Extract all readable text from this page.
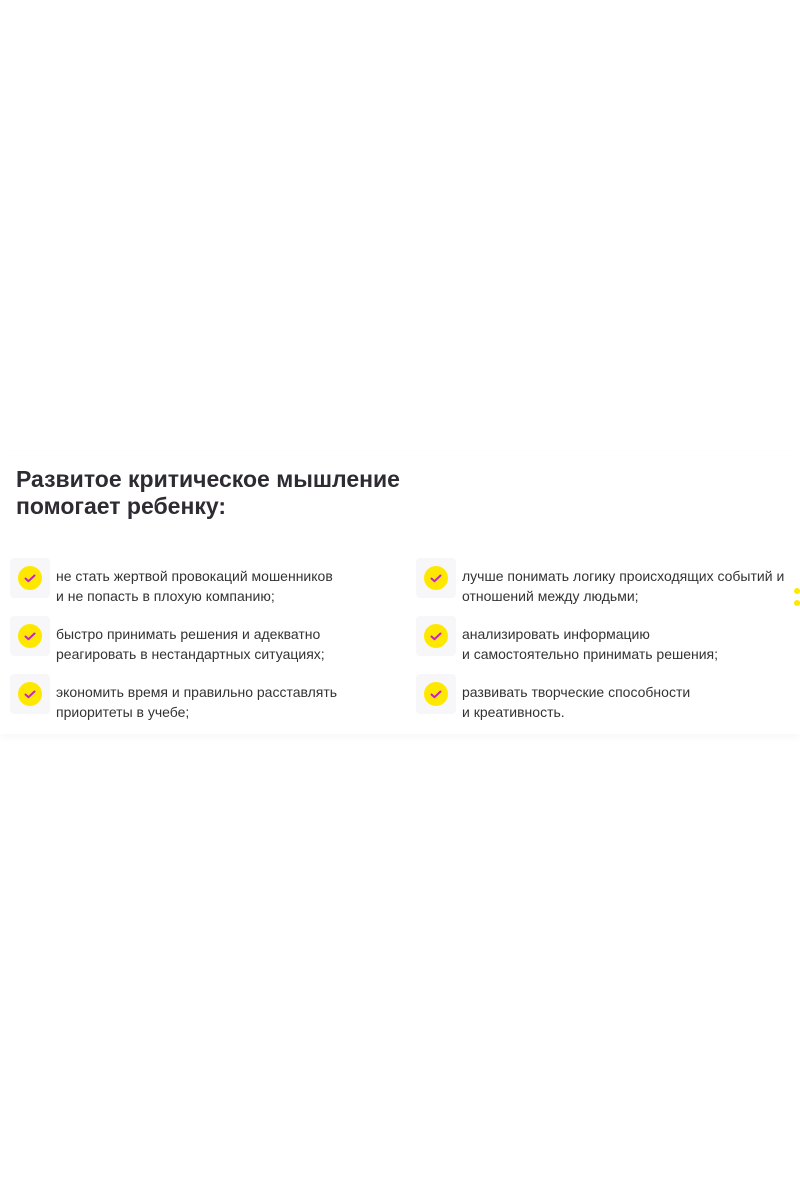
Развитое критическое мышление
помогает ребенку:
не стать жертвой провокаций мошенников
и не попасть в плохую компанию;
быстро принимать решения и адекватно
реагировать в нестандартных ситуациях;
экономить время и правильно расставлять
приоритеты в учебе;
лучше понимать логику происходящих событий и
отношений между людьми;
анализировать информацию
и самостоятельно принимать решения;
развивать творческие способности
и креативность.
